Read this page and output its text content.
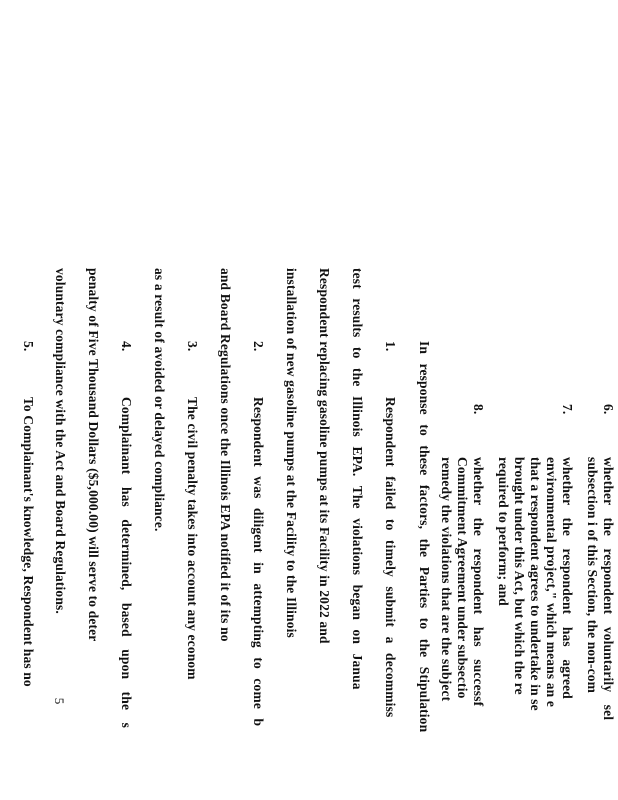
6.
whether the respondent voluntarily sel
subsection i of this Section, the non-com
7.
whether the respondent has agreed
environmental project," which means an e
that a respondent agrees to undertake in se
brought under this Act, but which the re
required to perform; and
8.
whether the respondent has successf
Commitment Agreement under subsectio
remedy the violations that are the subject
In response to these factors, the Parties to the Stipulation
1.
Respondent failed to timely submit a decommiss
test results to the Illinois EPA. The violations began on Janua
Respondent replacing gasoline pumps at its Facility in 2022 and
installation of new gasoline pumps at the Facility to the Illinois
2.
Respondent was diligent in attempting to come b
and Board Regulations once the Illinois EPA notified it of its no
3.
The civil penalty takes into account any econom
as a result of avoided or delayed compliance.
4.
Complainant has determined, based upon the s
penalty of Five Thousand Dollars ($5,000.00) will serve to deter
voluntary compliance with the Act and Board Regulations.
5.
To Complainant's knowledge, Respondent has no
5
